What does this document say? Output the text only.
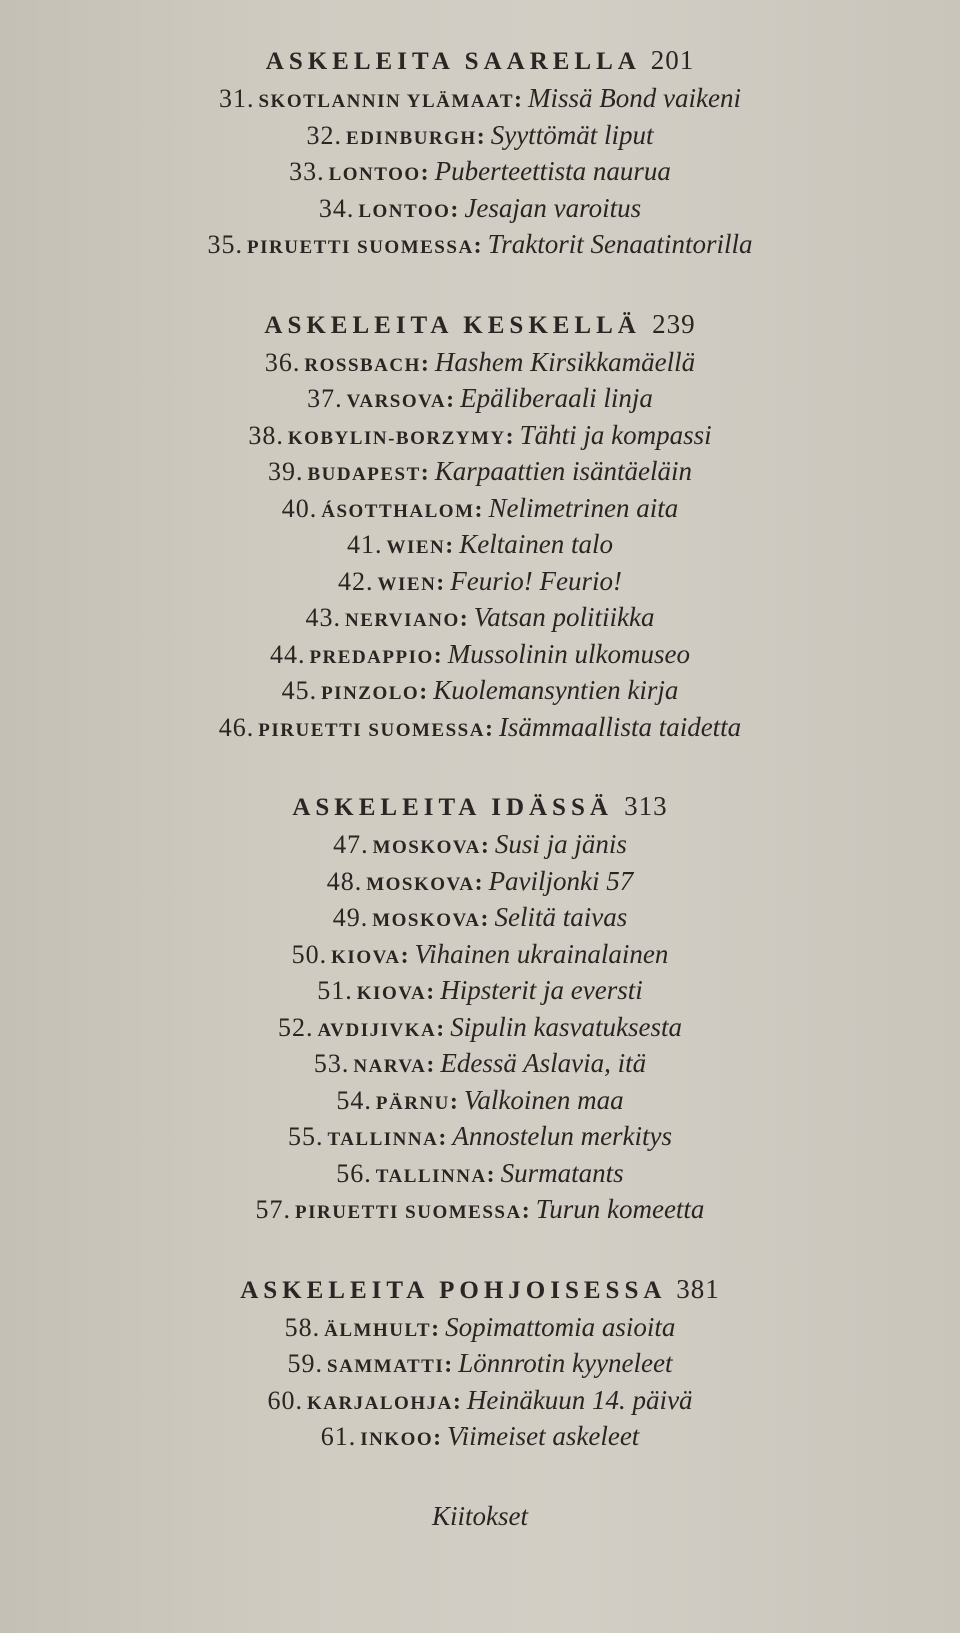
ASKELEITA SAARELLA 201
31. SKOTLANNIN YLÄMAAT: Missä Bond vaikeni
32. EDINBURGH: Syyttömät liput
33. LONTOO: Puberteettista naurua
34. LONTOO: Jesajan varoitus
35. PIRUETTI SUOMESSA: Traktorit Senaatintorilla
ASKELEITA KESKELLÄ 239
36. ROSSBACH: Hashem Kirsikkamäellä
37. VARSOVA: Epäliberaali linja
38. KOBYLIN-BORZYMY: Tähti ja kompassi
39. BUDAPEST: Karpaattien isäntäeläin
40. ÁSOTTHALOM: Nelimetrinen aita
41. WIEN: Keltainen talo
42. WIEN: Feurio! Feurio!
43. NERVIANO: Vatsan politiikka
44. PREDAPPIO: Mussolinin ulkomuseo
45. PINZOLO: Kuolemansyntien kirja
46. PIRUETTI SUOMESSA: Isämmaallista taidetta
ASKELEITA IDÄSSÄ 313
47. MOSKOVA: Susi ja jänis
48. MOSKOVA: Paviljonki 57
49. MOSKOVA: Selitä taivas
50. KIOVA: Vihainen ukrainalainen
51. KIOVA: Hipsterit ja eversti
52. AVDIJIVKA: Sipulin kasvatuksesta
53. NARVA: Edessä Aslavia, itä
54. PÄRNU: Valkoinen maa
55. TALLINNA: Annostelun merkitys
56. TALLINNA: Surmatants
57. PIRUETTI SUOMESSA: Turun komeetta
ASKELEITA POHJOISESSA 381
58. ÄLMHULT: Sopimattomia asioita
59. SAMMATTI: Lönnrotin kyyneleet
60. KARJALOHJA: Heinäkuun 14. päivä
61. INKOO: Viimeiset askeleet
Kiitokset
